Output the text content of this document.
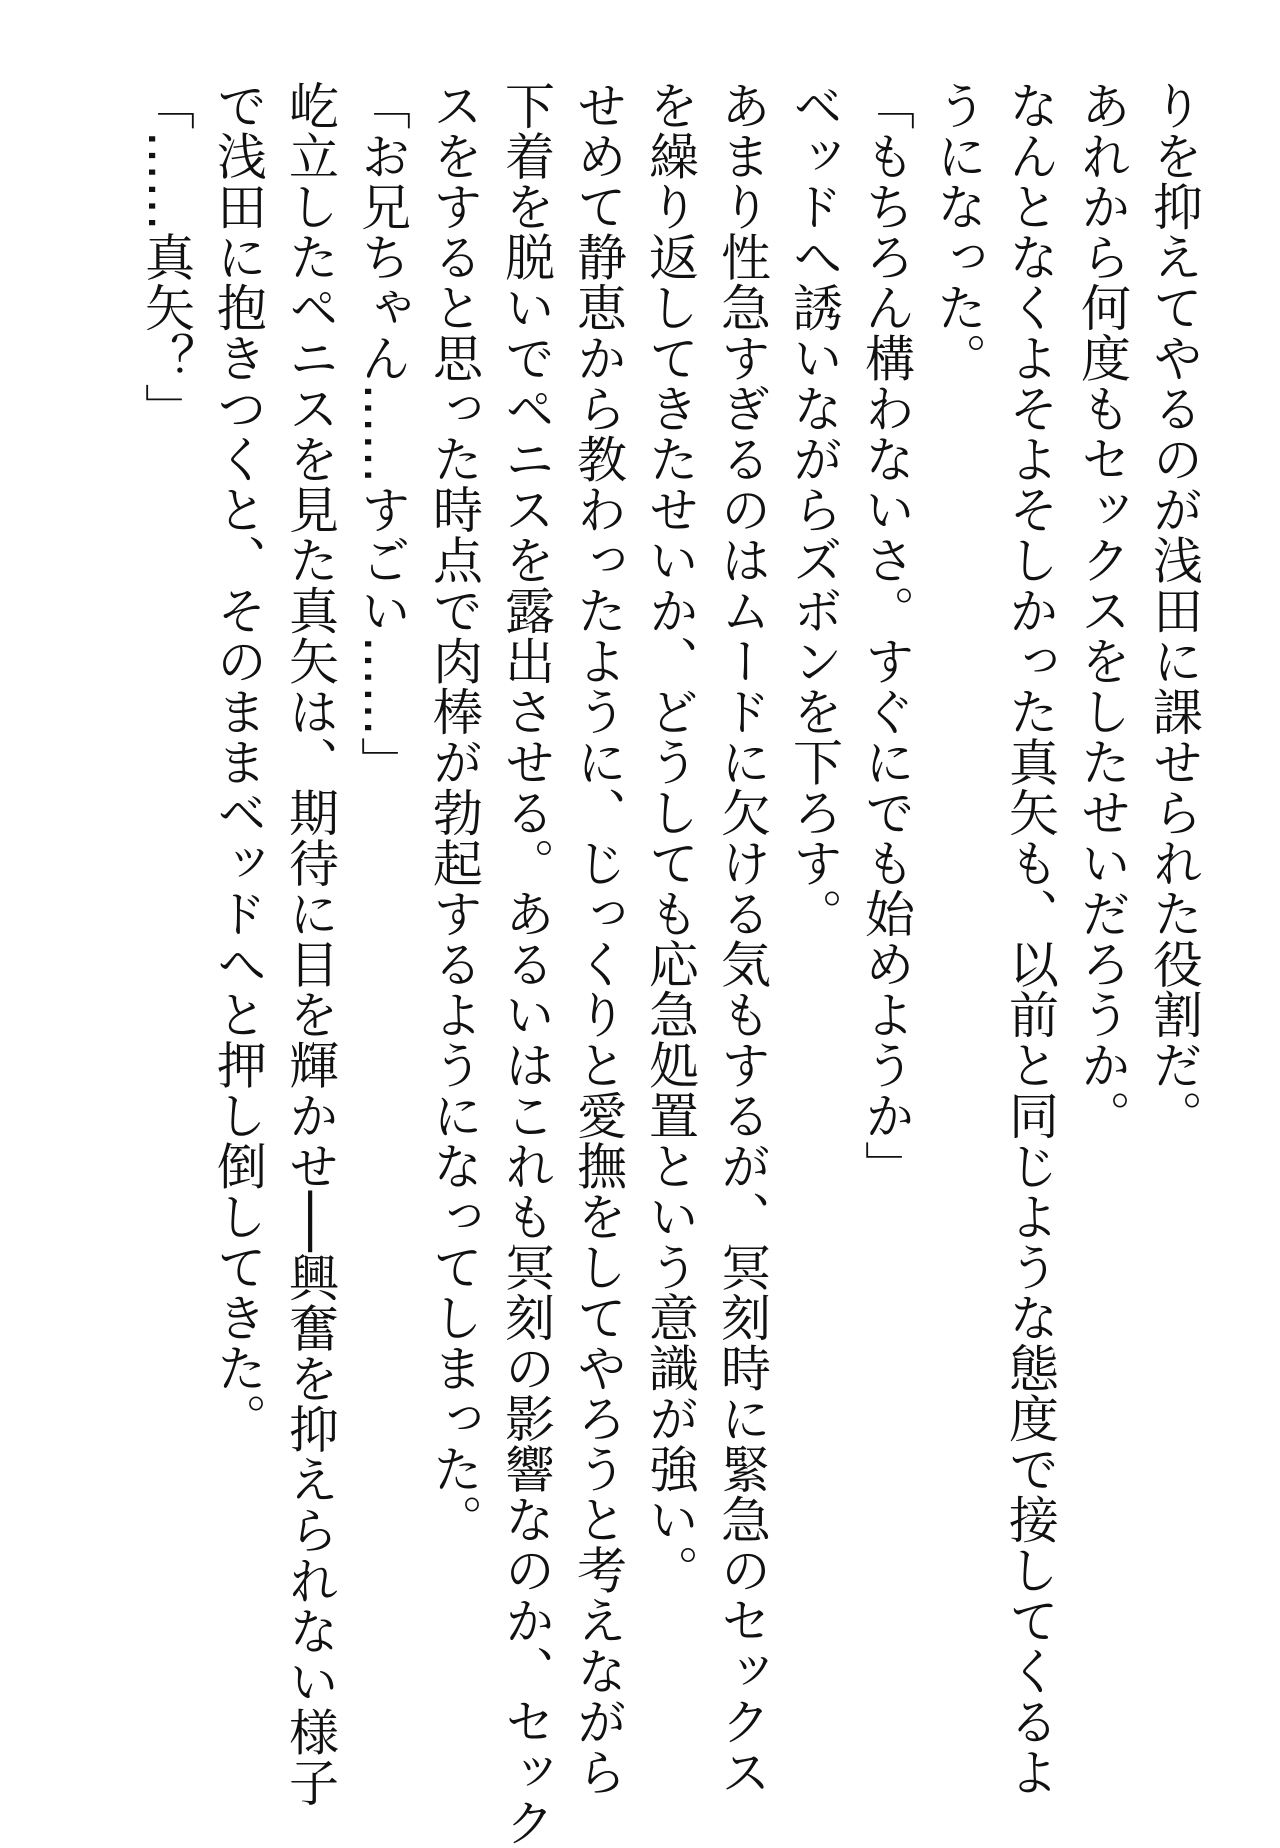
りを抑えてやるのが浅田に課せられた役割だ。
あれから何度もセックスをしたせいだろうか。
なんとなくよそよそしかった真矢も、以前と同じような態度で接してくるよ
うになった。
「もちろん構わないさ。すぐにでも始めようか」
ベッドへ誘いながらズボンを下ろす。
あまり性急すぎるのはムードに欠ける気もするが、冥刻時に緊急のセックス
を繰り返してきたせいか、どうしても応急処置という意識が強い。
せめて静恵から教わったように、じっくりと愛撫をしてやろうと考えながら
下着を脱いでペニスを露出させる。あるいはこれも冥刻の影響なのか、セック
スをすると思った時点で肉棒が勃起するようになってしまった。
「お兄ちゃん……すごい……」
屹立したペニスを見た真矢は、期待に目を輝かせ──興奮を抑えられない様子
で浅田に抱きつくと、そのままベッドへと押し倒してきた。
「……真矢？」
